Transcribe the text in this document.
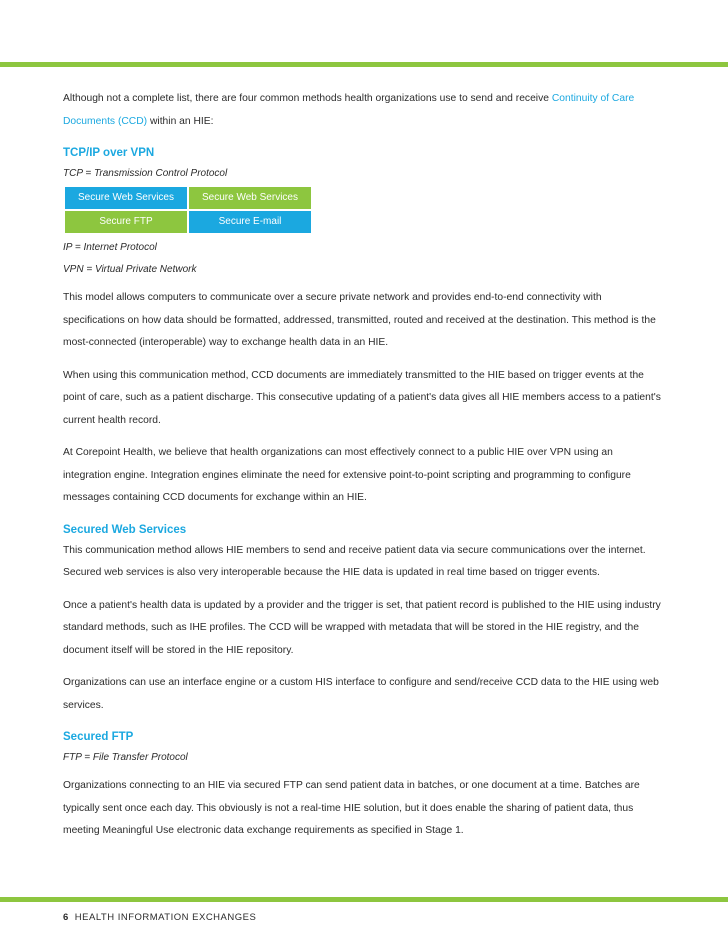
Although not a complete list, there are four common methods health organizations use to send and receive Continuity of Care Documents (CCD) within an HIE:

TCP/IP over VPN
TCP = Transmission Control Protocol
Secure Web Services	Secure Web Services
Secure FTP	Secure E-mail
IP = Internet Protocol
VPN = Virtual Private Network

This model allows computers to communicate over a secure private network and provides end-to-end connectivity with specifications on how data should be formatted, addressed, transmitted, routed and received at the destination. This method is the most-connected (interoperable) way to exchange health data in an HIE.

When using this communication method, CCD documents are immediately transmitted to the HIE based on trigger events at the point of care, such as a patient discharge. This consecutive updating of a patient's data gives all HIE members access to a patient's current health record.

At Corepoint Health, we believe that health organizations can most effectively connect to a public HIE over VPN using an integration engine. Integration engines eliminate the need for extensive point-to-point scripting and programming to configure messages containing CCD documents for exchange within an HIE.

Secured Web Services

This communication method allows HIE members to send and receive patient data via secure communications over the internet. Secured web services is also very interoperable because the HIE data is updated in real time based on trigger events.

Once a patient's health data is updated by a provider and the trigger is set, that patient record is published to the HIE using industry standard methods, such as IHE profiles. The CCD will be wrapped with metadata that will be stored in the HIE registry, and the document itself will be stored in the HIE repository.

Organizations can use an interface engine or a custom HIS interface to configure and send/receive CCD data to the HIE using web services.

Secured FTP
FTP = File Transfer Protocol

Organizations connecting to an HIE via secured FTP can send patient data in batches, or one document at a time. Batches are typically sent once each day. This obviously is not a real-time HIE solution, but it does enable the sharing of patient data, thus meeting Meaningful Use electronic data exchange requirements as specified in Stage 1.

6 HEALTH INFORMATION EXCHANGES
